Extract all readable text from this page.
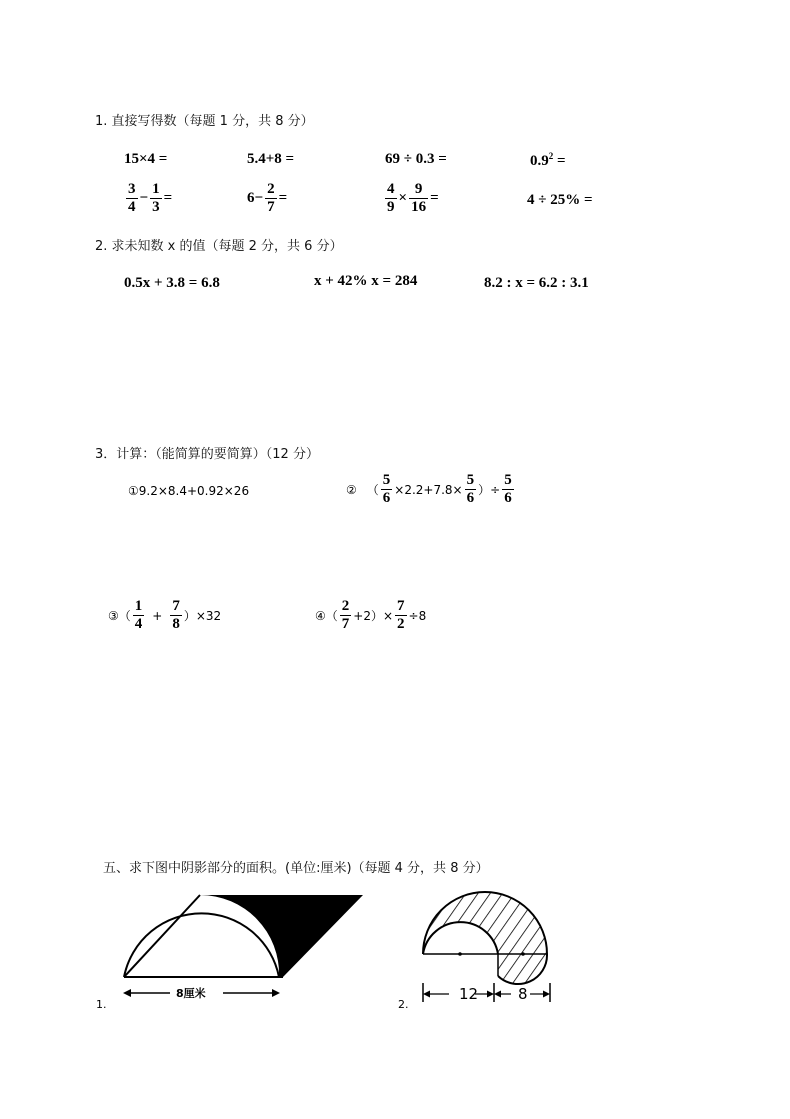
1. 直接写得数（每题 1 分，共 8 分）
15×4 =	5.4+8 =	69 ÷ 0.3 =	$0.9^2$ =
$\frac{3}{4} - \frac{1}{3}$ =	$6- \frac{2}{7}$ =	$\frac{4}{9} \times \frac{9}{16}$ =	4 ÷ 25% =
2. 求未知数 x 的值（每题 2 分，共 6 分）
0.5x + 3.8 = 6.8	x + 42% x = 284	8.2 : x = 6.2 : 3.1
3．计算：（能简算的要简算）（12 分）
①9.2×8.4+0.92×26	② （ $\frac{5}{6} \times 2.2+7.8\times \frac{5}{6}$ ）÷ $\frac{5}{6}$
③（ $\frac{1}{4} + \frac{7}{8} )\times 32$	④（ $\frac{2}{7} +2)\times \frac{7}{2} \div 8$
五、求下图中阴影部分的面积。(单位:厘米)（每题 4 分，共 8 分）
8厘米
1.
12	8
2.
